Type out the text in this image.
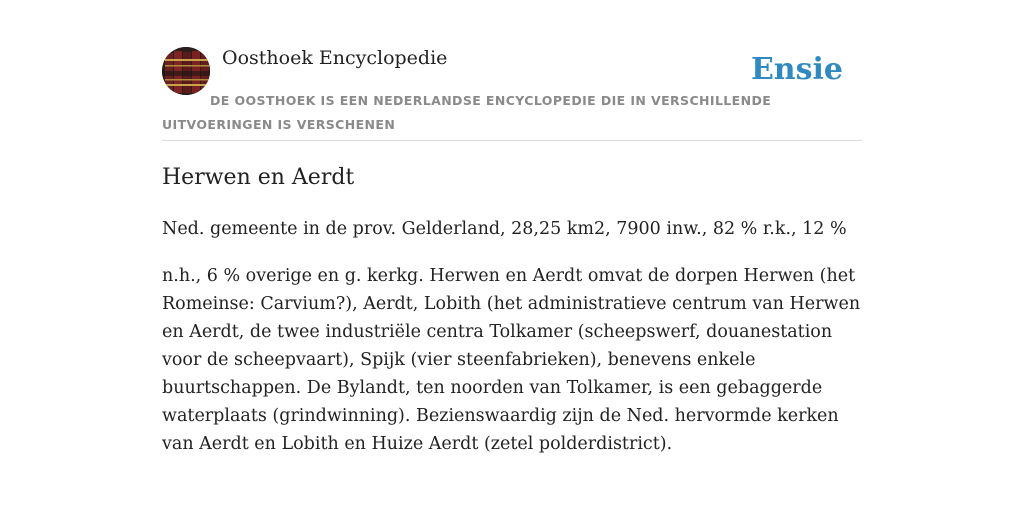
Oosthoek Encyclopedie	Ensie
DE OOSTHOEK IS EEN NEDERLANDSE ENCYCLOPEDIE DIE IN VERSCHILLENDE UITVOERINGEN IS VERSCHENEN
Herwen en Aerdt

Ned. gemeente in de prov. Gelderland, 28,25 km2, 7900 inw., 82 % r.k., 12 %

n.h., 6 % overige en g. kerkg. Herwen en Aerdt omvat de dorpen Herwen (het Romeinse: Carvium?), Aerdt, Lobith (het administratieve centrum van Herwen en Aerdt, de twee industriële centra Tolkamer (scheepswerf, douanestation voor de scheepvaart), Spijk (vier steenfabrieken), benevens enkele buurtschappen. De Bylandt, ten noorden van Tolkamer, is een gebaggerde waterplaats (grindwinning). Bezienswaardig zijn de Ned. hervormde kerken van Aerdt en Lobith en Huize Aerdt (zetel polderdistrict).
